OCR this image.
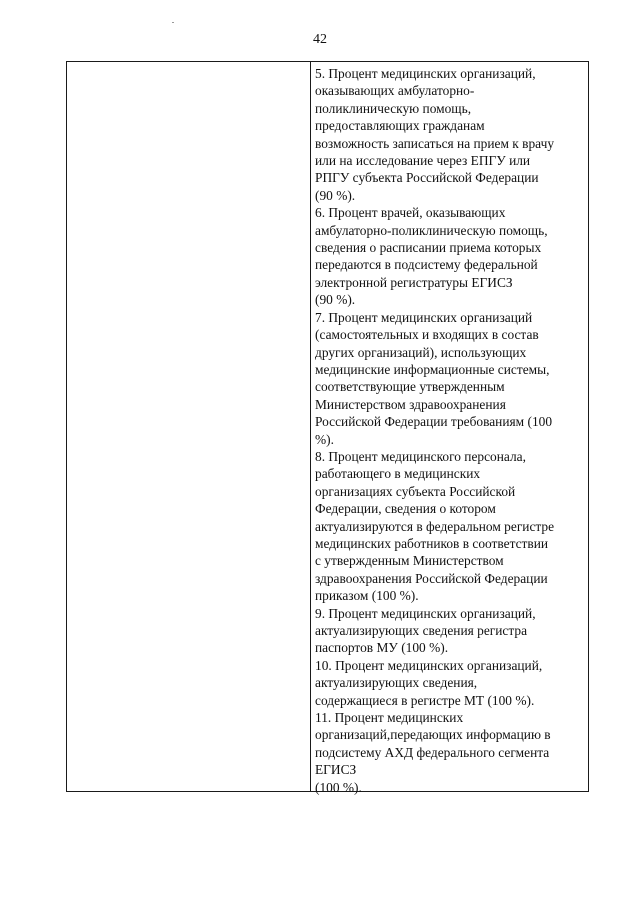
42
5. Процент медицинских организаций,
оказывающих амбулаторно-
поликлиническую помощь,
предоставляющих гражданам
возможность записаться на прием к врачу
или на исследование через ЕПГУ или
РПГУ субъекта Российской Федерации
(90 %).
6. Процент врачей, оказывающих
амбулаторно-поликлиническую помощь,
сведения о расписании приема которых
передаются в подсистему федеральной
электронной регистратуры ЕГИСЗ
(90 %).
7. Процент медицинских организаций
(самостоятельных и входящих в состав
других организаций), использующих
медицинские информационные системы,
соответствующие утвержденным
Министерством здравоохранения
Российской Федерации требованиям (100
%).
8. Процент медицинского персонала,
работающего в медицинских
организациях субъекта Российской
Федерации, сведения о котором
актуализируются в федеральном регистре
медицинских работников в соответствии
с утвержденным Министерством
здравоохранения Российской Федерации
приказом (100 %).
9. Процент медицинских организаций,
актуализирующих сведения регистра
паспортов МУ (100 %).
10. Процент медицинских организаций,
актуализирующих сведения,
содержащиеся в регистре МТ (100 %).
11. Процент медицинских
организаций,передающих информацию в
подсистему АХД федерального сегмента
ЕГИСЗ
(100 %).
